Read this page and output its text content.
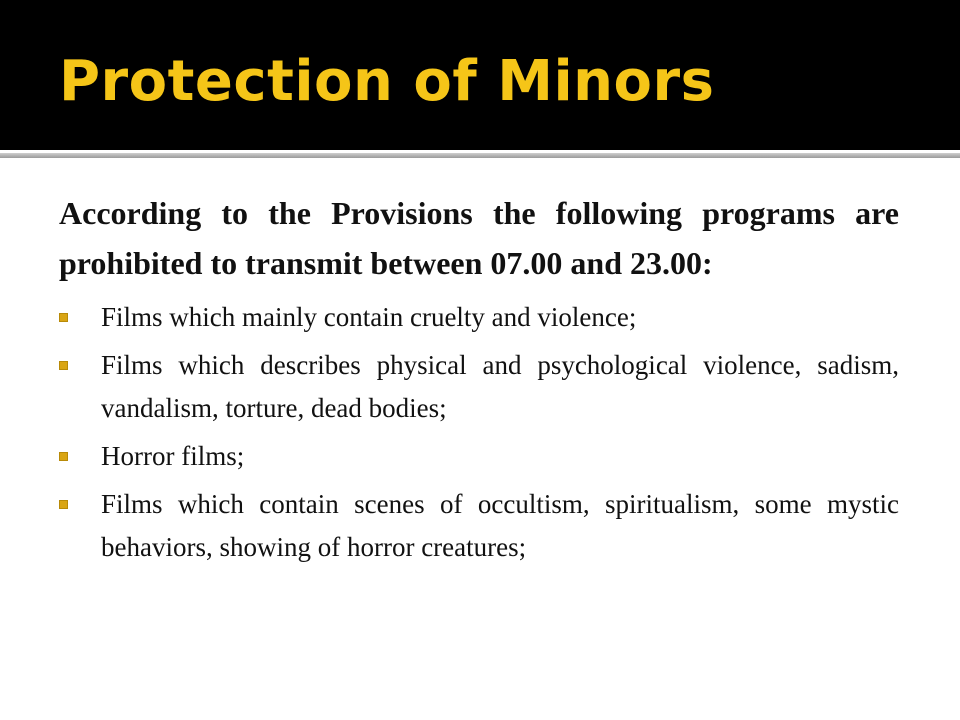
Protection of Minors

According to the Provisions the following programs are prohibited to transmit between 07.00 and 23.00:

Films which mainly contain cruelty and violence;
Films which describes physical and psychological violence, sadism, vandalism, torture, dead bodies;
Horror films;
Films which contain scenes of occultism, spiritualism, some mystic behaviors, showing of horror creatures;
